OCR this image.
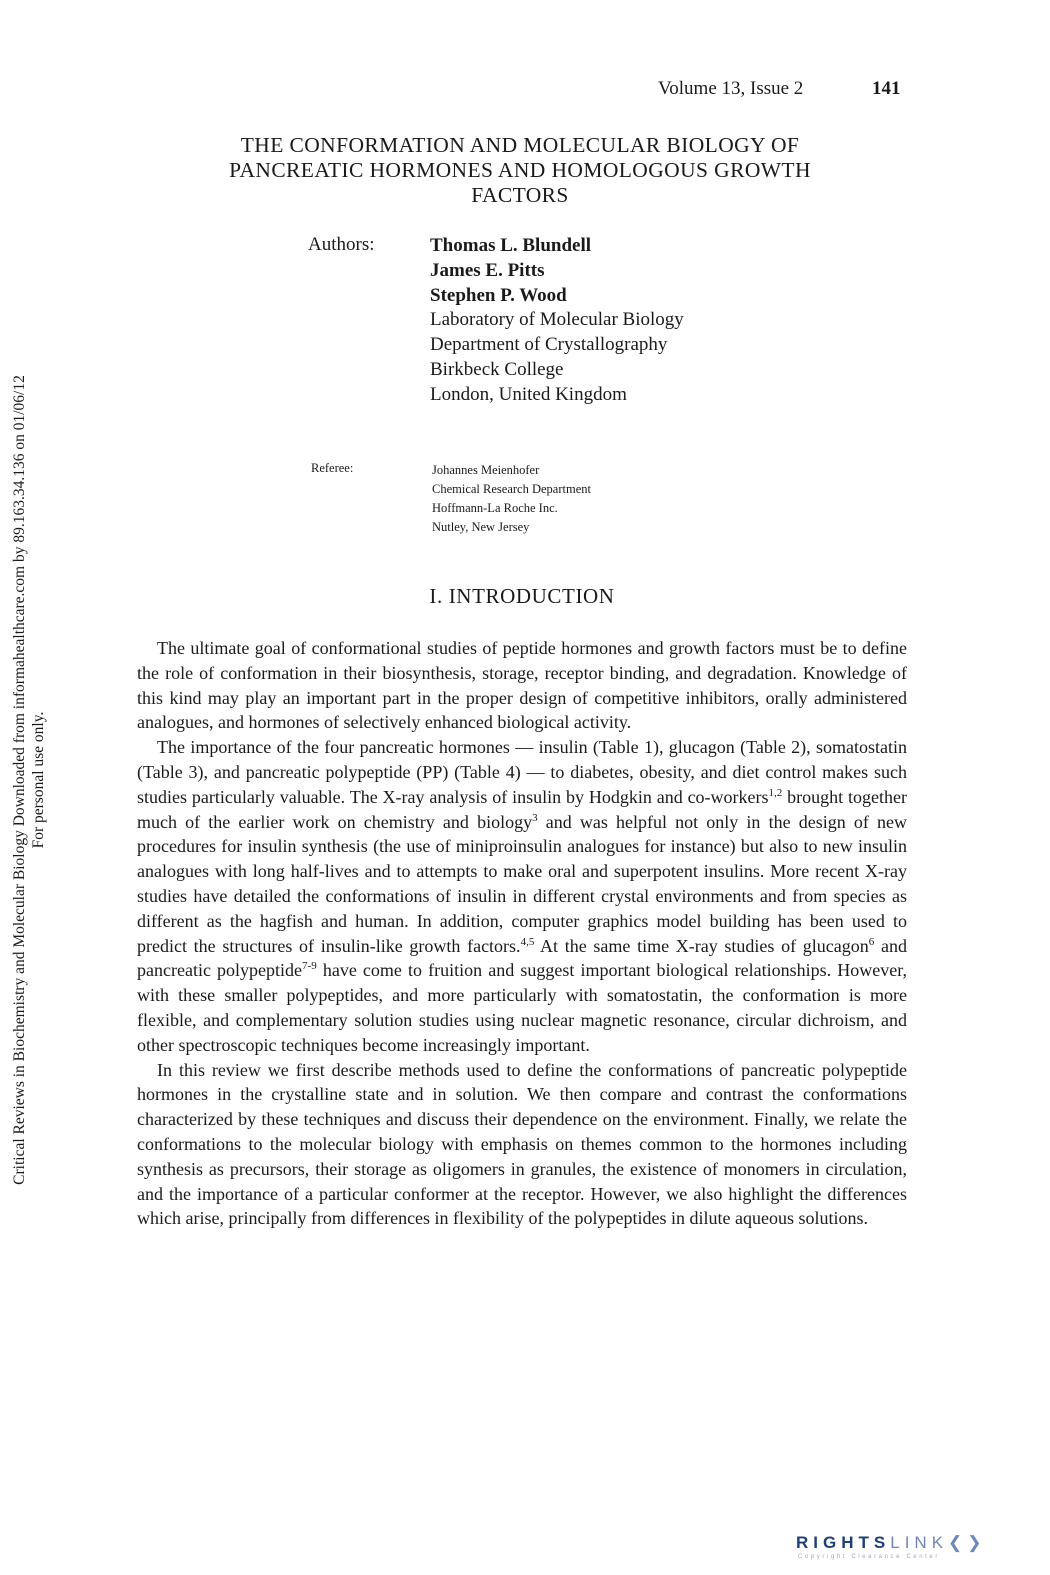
Volume 13, Issue 2	141
THE CONFORMATION AND MOLECULAR BIOLOGY OF
PANCREATIC HORMONES AND HOMOLOGOUS GROWTH
FACTORS
Authors:	Thomas L. Blundell
James E. Pitts
Stephen P. Wood
Laboratory of Molecular Biology
Department of Crystallography
Birkbeck College
London, United Kingdom
Referee:	Johannes Meienhofer
Chemical Research Department
Hoffmann-La Roche Inc.
Nutley, New Jersey
I. INTRODUCTION

The ultimate goal of conformational studies of peptide hormones and growth factors must be to define the role of conformation in their biosynthesis, storage, receptor binding, and degradation. Knowledge of this kind may play an important part in the proper design of competitive inhibitors, orally administered analogues, and hormones of selectively enhanced biological activity.

The importance of the four pancreatic hormones — insulin (Table 1), glucagon (Table 2), somatostatin (Table 3), and pancreatic polypeptide (PP) (Table 4) — to diabetes, obesity, and diet control makes such studies particularly valuable. The X-ray analysis of insulin by Hodgkin and co-workers$^{1,2}$ brought together much of the earlier work on chemistry and biology$^3$ and was helpful not only in the design of new procedures for insulin synthesis (the use of miniproinsulin analogues for instance) but also to new insulin analogues with long half-lives and to attempts to make oral and superpotent insulins. More recent X-ray studies have detailed the conformations of insulin in different crystal environments and from species as different as the hagfish and human. In addition, computer graphics model building has been used to predict the structures of insulin-like growth factors.$^{4,5}$ At the same time X-ray studies of glucagon$^6$ and pancreatic polypeptide$^{7-9}$ have come to fruition and suggest important biological relationships. However, with these smaller polypeptides, and more particularly with somatostatin, the conformation is more flexible, and complementary solution studies using nuclear magnetic resonance, circular dichroism, and other spectroscopic techniques become increasingly important.

In this review we first describe methods used to define the conformations of pancreatic polypeptide hormones in the crystalline state and in solution. We then compare and contrast the conformations characterized by these techniques and discuss their dependence on the environment. Finally, we relate the conformations to the molecular biology with emphasis on themes common to the hormones including synthesis as precursors, their storage as oligomers in granules, the existence of monomers in circulation, and the importance of a particular conformer at the receptor. However, we also highlight the differences which arise, principally from differences in flexibility of the polypeptides in dilute aqueous solutions.

Critical Reviews in Biochemistry and Molecular Biology Downloaded from informahealthcare.com by 89.163.34.136 on 01/06/12 For personal use only.
RIGHTSLINK❮❯
Copyright Clearance Center
